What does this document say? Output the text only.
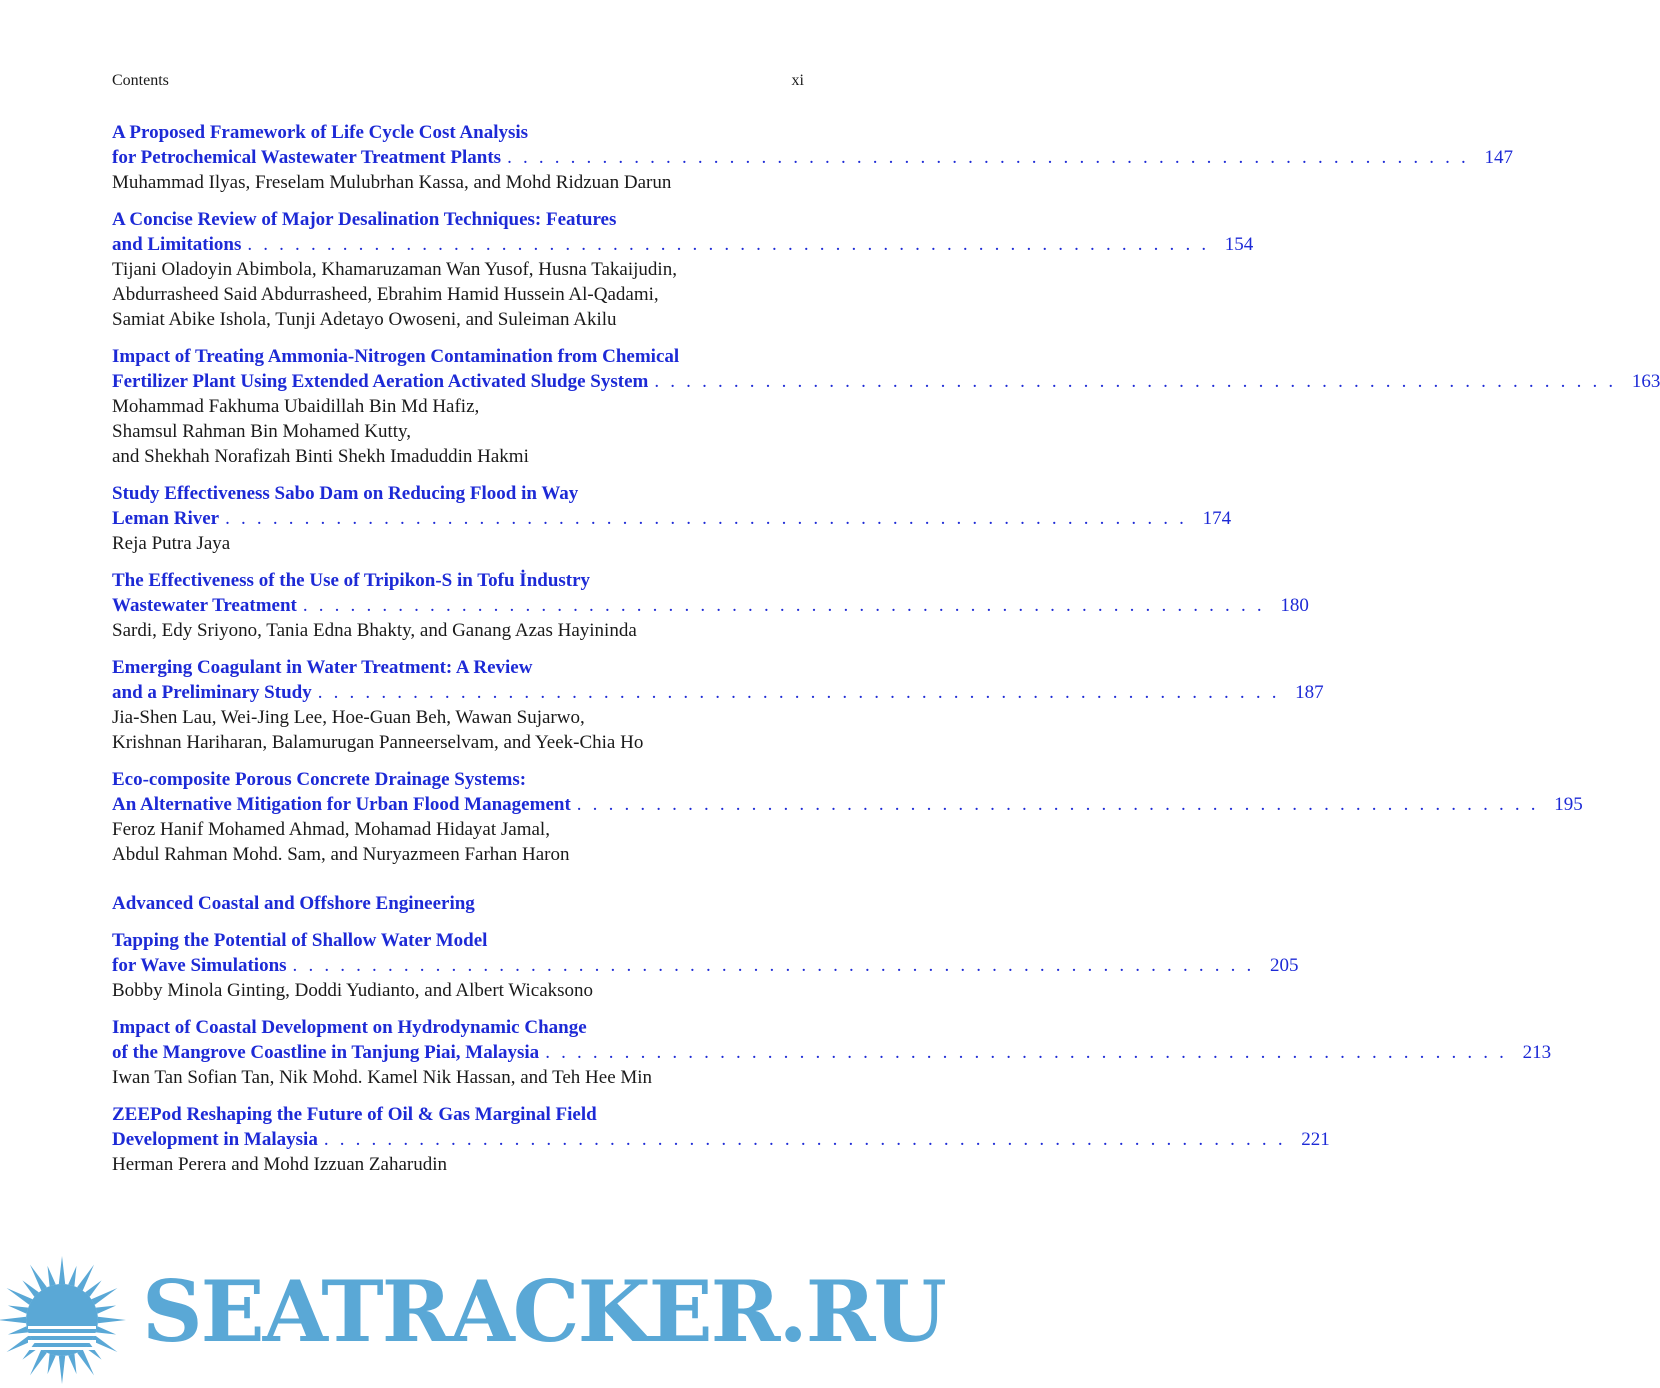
Contents	xi
A Proposed Framework of Life Cycle Cost Analysis
for Petrochemical Wastewater Treatment Plants . . . . . . . . . . . . . . . . . . . . . . . . . . . . . . . . . . . . . . . . . . . . . . . . . . . . . . . . . . . . . 147
Muhammad Ilyas, Freselam Mulubrhan Kassa, and Mohd Ridzuan Darun
A Concise Review of Major Desalination Techniques: Features
and Limitations . . . . . . . . . . . . . . . . . . . . . . . . . . . . . . . . . . . . . . . . . . . . . . . . . . . . . . . . . . . . . 154
Tijani Oladoyin Abimbola, Khamaruzaman Wan Yusof, Husna Takaijudin,
Abdurrasheed Said Abdurrasheed, Ebrahim Hamid Hussein Al-Qadami,
Samiat Abike Ishola, Tunji Adetayo Owoseni, and Suleiman Akilu
Impact of Treating Ammonia-Nitrogen Contamination from Chemical
Fertilizer Plant Using Extended Aeration Activated Sludge System . . . . . . . . . . . . . . . . . . . . . . . . . . . . . . . . . . . . . . . . . . . . . . . . . . . . . . . . . . . . . 163
Mohammad Fakhuma Ubaidillah Bin Md Hafiz,
Shamsul Rahman Bin Mohamed Kutty,
and Shekhah Norafizah Binti Shekh Imaduddin Hakmi
Study Effectiveness Sabo Dam on Reducing Flood in Way
Leman River . . . . . . . . . . . . . . . . . . . . . . . . . . . . . . . . . . . . . . . . . . . . . . . . . . . . . . . . . . . . . 174
Reja Putra Jaya
The Effectiveness of the Use of Tripikon-S in Tofu İndustry
Wastewater Treatment . . . . . . . . . . . . . . . . . . . . . . . . . . . . . . . . . . . . . . . . . . . . . . . . . . . . . . . . . . . . . 180
Sardi, Edy Sriyono, Tania Edna Bhakty, and Ganang Azas Hayininda
Emerging Coagulant in Water Treatment: A Review
and a Preliminary Study . . . . . . . . . . . . . . . . . . . . . . . . . . . . . . . . . . . . . . . . . . . . . . . . . . . . . . . . . . . . . 187
Jia-Shen Lau, Wei-Jing Lee, Hoe-Guan Beh, Wawan Sujarwo,
Krishnan Hariharan, Balamurugan Panneerselvam, and Yeek-Chia Ho
Eco-composite Porous Concrete Drainage Systems:
An Alternative Mitigation for Urban Flood Management . . . . . . . . . . . . . . . . . . . . . . . . . . . . . . . . . . . . . . . . . . . . . . . . . . . . . . . . . . . . . 195
Feroz Hanif Mohamed Ahmad, Mohamad Hidayat Jamal,
Abdul Rahman Mohd. Sam, and Nuryazmeen Farhan Haron
Advanced Coastal and Offshore Engineering
Tapping the Potential of Shallow Water Model
for Wave Simulations . . . . . . . . . . . . . . . . . . . . . . . . . . . . . . . . . . . . . . . . . . . . . . . . . . . . . . . . . . . . . 205
Bobby Minola Ginting, Doddi Yudianto, and Albert Wicaksono
Impact of Coastal Development on Hydrodynamic Change
of the Mangrove Coastline in Tanjung Piai, Malaysia . . . . . . . . . . . . . . . . . . . . . . . . . . . . . . . . . . . . . . . . . . . . . . . . . . . . . . . . . . . . . 213
Iwan Tan Sofian Tan, Nik Mohd. Kamel Nik Hassan, and Teh Hee Min
ZEEPod Reshaping the Future of Oil & Gas Marginal Field
Development in Malaysia . . . . . . . . . . . . . . . . . . . . . . . . . . . . . . . . . . . . . . . . . . . . . . . . . . . . . . . . . . . . . 221
Herman Perera and Mohd Izzuan Zaharudin
SEATRACKER.RU
